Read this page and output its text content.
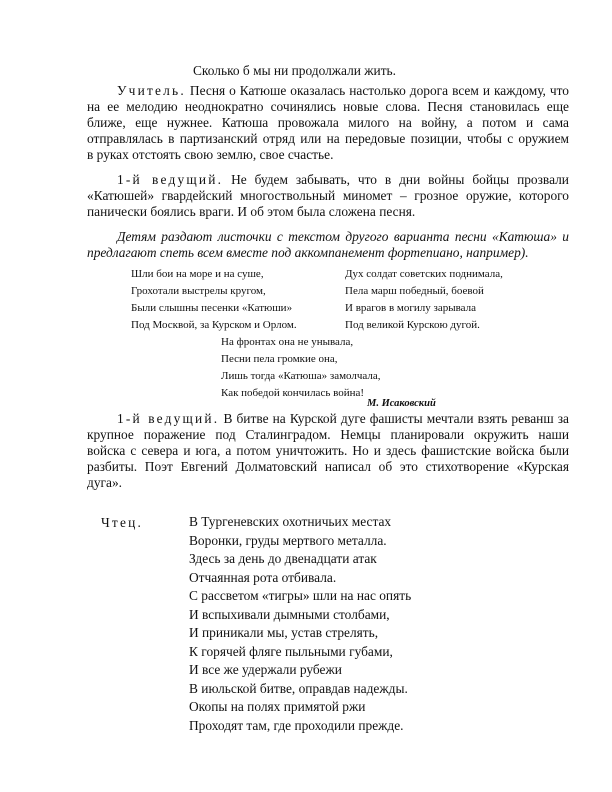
Сколько б мы ни продолжали жить.
Учитель. Песня о Катюше оказалась настолько дорога всем и каждому, что
на ее мелодию неоднократно сочинялись новые слова. Песня становилась еще
ближе, еще нужнее. Катюша провожала милого на войну, а потом и сама
отправлялась в партизанский отряд или на передовые позиции, чтобы с оружием
в руках отстоять свою землю, свое счастье.
1-й ведущий. Не будем забывать, что в дни войны бойцы прозвали
«Катюшей» гвардейский многоствольный миномет – грозное оружие, которого
панически боялись враги. И об этом была сложена песня.
Детям раздают листочки с текстом другого варианта песни «Катюша» и
предлагают спеть всем вместе под аккомпанемент фортепиано, например).
Шли бои на море и на суше,
Грохотали выстрелы кругом,
Были слышны песенки «Катюши»
Под Москвой, за Курском и Орлом.
Дух солдат советских поднимала,
Пела марш победный, боевой
И врагов в могилу зарывала
Под великой Курскою дугой.
На фронтах она не унывала,
Песни пела громкие она,
Лишь тогда «Катюша» замолчала,
Как победой кончилась война!
М. Исаковский
1-й ведущий. В битве на Курской дуге фашисты мечтали взять реванш за
крупное поражение под Сталинградом. Немцы планировали окружить наши
войска с севера и юга, а потом уничтожить. Но и здесь фашистские войска были
разбиты. Поэт Евгений Долматовский написал об это стихотворение «Курская
дуга».
Чтец.	В Тургеневских охотничьих местах
Воронки, груды мертвого металла.
Здесь за день до двенадцати атак
Отчаянная рота отбивала.
С рассветом «тигры» шли на нас опять
И вспыхивали дымными столбами,
И приникали мы, устав стрелять,
К горячей фляге пыльными губами,
И все же удержали рубежи
В июльской битве, оправдав надежды.
Окопы на полях примятой ржи
Проходят там, где проходили прежде.
